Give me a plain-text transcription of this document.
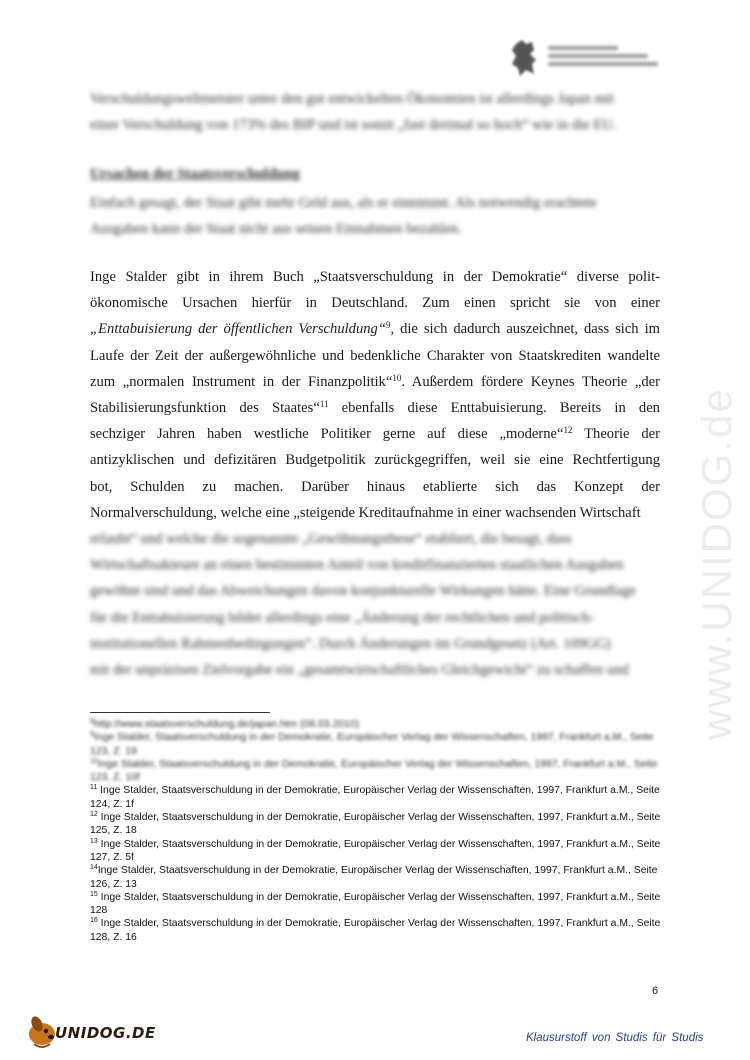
Verschuldungsweltmeister unter den gut entwickelten Ökonomien ist allerdings Japan mit
einer Verschuldung von 173% des BIP und ist somit „fast dreimal so hoch“ wie in die EU.
Ursachen der Staatsverschuldung
Einfach gesagt, der Staat gibt mehr Geld aus, als er einnimmt. Als notwendig erachtete
Ausgaben kann der Staat nicht aus seinen Einnahmen bezahlen.
Inge Stalder gibt in ihrem Buch „Staatsverschuldung in der Demokratie“ diverse polit-
ökonomische Ursachen hierfür in Deutschland. Zum einen spricht sie von einer
„Enttabuisierung der öffentlichen Verschuldung“$^9$, die sich dadurch auszeichnet, dass sich im
Laufe der Zeit der außergewöhnliche und bedenkliche Charakter von Staatskrediten wandelte
zum „normalen Instrument in der Finanzpolitik“$^{10}$. Außerdem fördere Keynes Theorie „der
Stabilisierungsfunktion des Staates“$^{11}$ ebenfalls diese Enttabuisierung. Bereits in den
sechziger Jahren haben westliche Politiker gerne auf diese „moderne“$^{12}$ Theorie der
antizyklischen und defizitären Budgetpolitik zurückgegriffen, weil sie eine Rechtfertigung
bot, Schulden zu machen. Darüber hinaus etablierte sich das Konzept der
Normalverschuldung, welche eine „steigende Kreditaufnahme in einer wachsenden Wirtschaft
erlaubt“ und welche die sogenannte „Gewöhnungsthese“ etabliert, die besagt, dass
Wirtschaftsakteure an einen bestimmten Anteil von kreditfinanzierten staatlichen Ausgaben
gewöhnt sind und das Abweichungen davon konjunkturelle Wirkungen hätte. Eine Grundlage
für die Enttabuisierung bildet allerdings eine „Änderung der rechtlichen und politisch-
institutionellen Rahmenbedingungen“. Durch Änderungen im Grundgesetz (Art. 109GG)
mit der unpräzisen Zielvorgabe ein „gesamtwirtschaftliches Gleichgewicht“ zu schaffen und

$^8$http://www.staatsverschuldung.de/japan.htm (08.03.2010)

$^9$Inge Stalder, Staatsverschuldung in der Demokratie, Europäischer Verlag der Wissenschaften, 1997, Frankfurt a.M., Seite 123, Z. 19

$^{10}$Inge Stalder, Staatsverschuldung in der Demokratie, Europäischer Verlag der Wissenschaften, 1997, Frankfurt a.M., Seite 123, Z. 10f

$^{11}$ Inge Stalder, Staatsverschuldung in der Demokratie, Europäischer Verlag der Wissenschaften, 1997, Frankfurt a.M., Seite 124, Z. 1f

$^{12}$ Inge Stalder, Staatsverschuldung in der Demokratie, Europäischer Verlag der Wissenschaften, 1997, Frankfurt a.M., Seite 125, Z. 18

$^{13}$ Inge Stalder, Staatsverschuldung in der Demokratie, Europäischer Verlag der Wissenschaften, 1997, Frankfurt a.M., Seite 127, Z. 5f

$^{14}$Inge Stalder, Staatsverschuldung in der Demokratie, Europäischer Verlag der Wissenschaften, 1997, Frankfurt a.M., Seite 126, Z. 13

$^{15}$ Inge Stalder, Staatsverschuldung in der Demokratie, Europäischer Verlag der Wissenschaften, 1997, Frankfurt a.M., Seite 128

$^{16}$ Inge Stalder, Staatsverschuldung in der Demokratie, Europäischer Verlag der Wissenschaften, 1997, Frankfurt a.M., Seite 128, Z. 16

6
www.UNIDOG.de
UNIDOG.DE	Klausurstoff von Studis für Studis
